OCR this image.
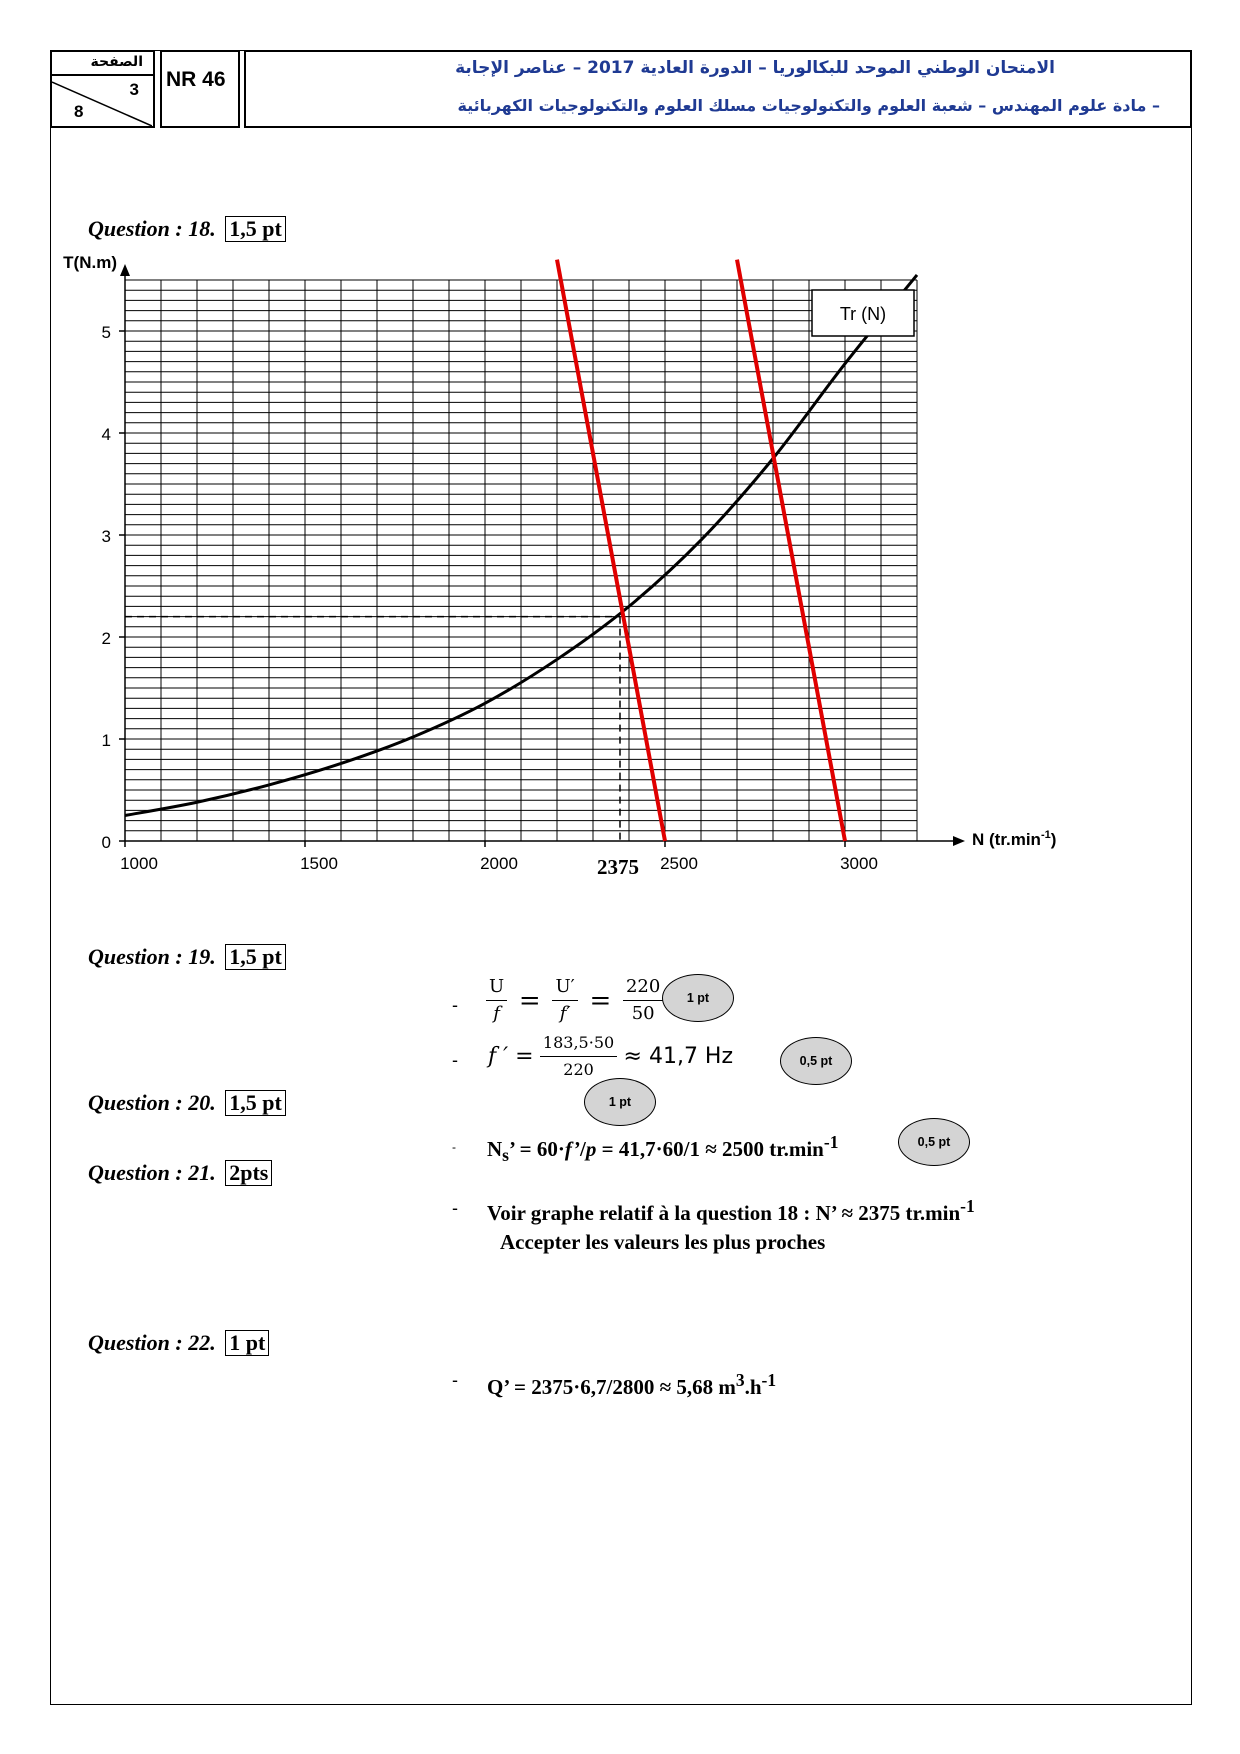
الصفحة
3
8
NR 46	الامتحان الوطني الموحد للبكالوريا – الدورة العادية 2017 – عناصر الإجابة
– مادة علوم المهندس – شعبة العلوم والتكنولوجيات مسلك العلوم والتكنولوجيات الكهربائية
Question : 18. 1,5 pt
T(N.m)
N $(tr.\min^{-1})$
1000	1500	2000	2500	3000
0
1
2
3
4
5
2375
Tr (N)
Question : 19. 1,5 pt
- $\frac{U}{f} = \frac{U'}{f'} = \frac{220}{50}$	1 pt
- f ′ = $\frac{183,5\cdot 50}{220} \approx 41,7$ Hz	0,5 pt
Question : 20. 1,5 pt	1 pt
- $N_s$’ = 60·f’/p = 41,7·60/1 ≈ 2500 $tr.\min^{-1}$	0,5 pt
Question : 21. 2pts
- Voir graphe relatif à la question 18 : N’ ≈ 2375 $tr.\min^{-1}$
Accepter les valeurs les plus proches
Question : 22. 1 pt
- Q’ = 2375·6,7/2800 ≈ 5,68 $m^3.h^{-1}$
